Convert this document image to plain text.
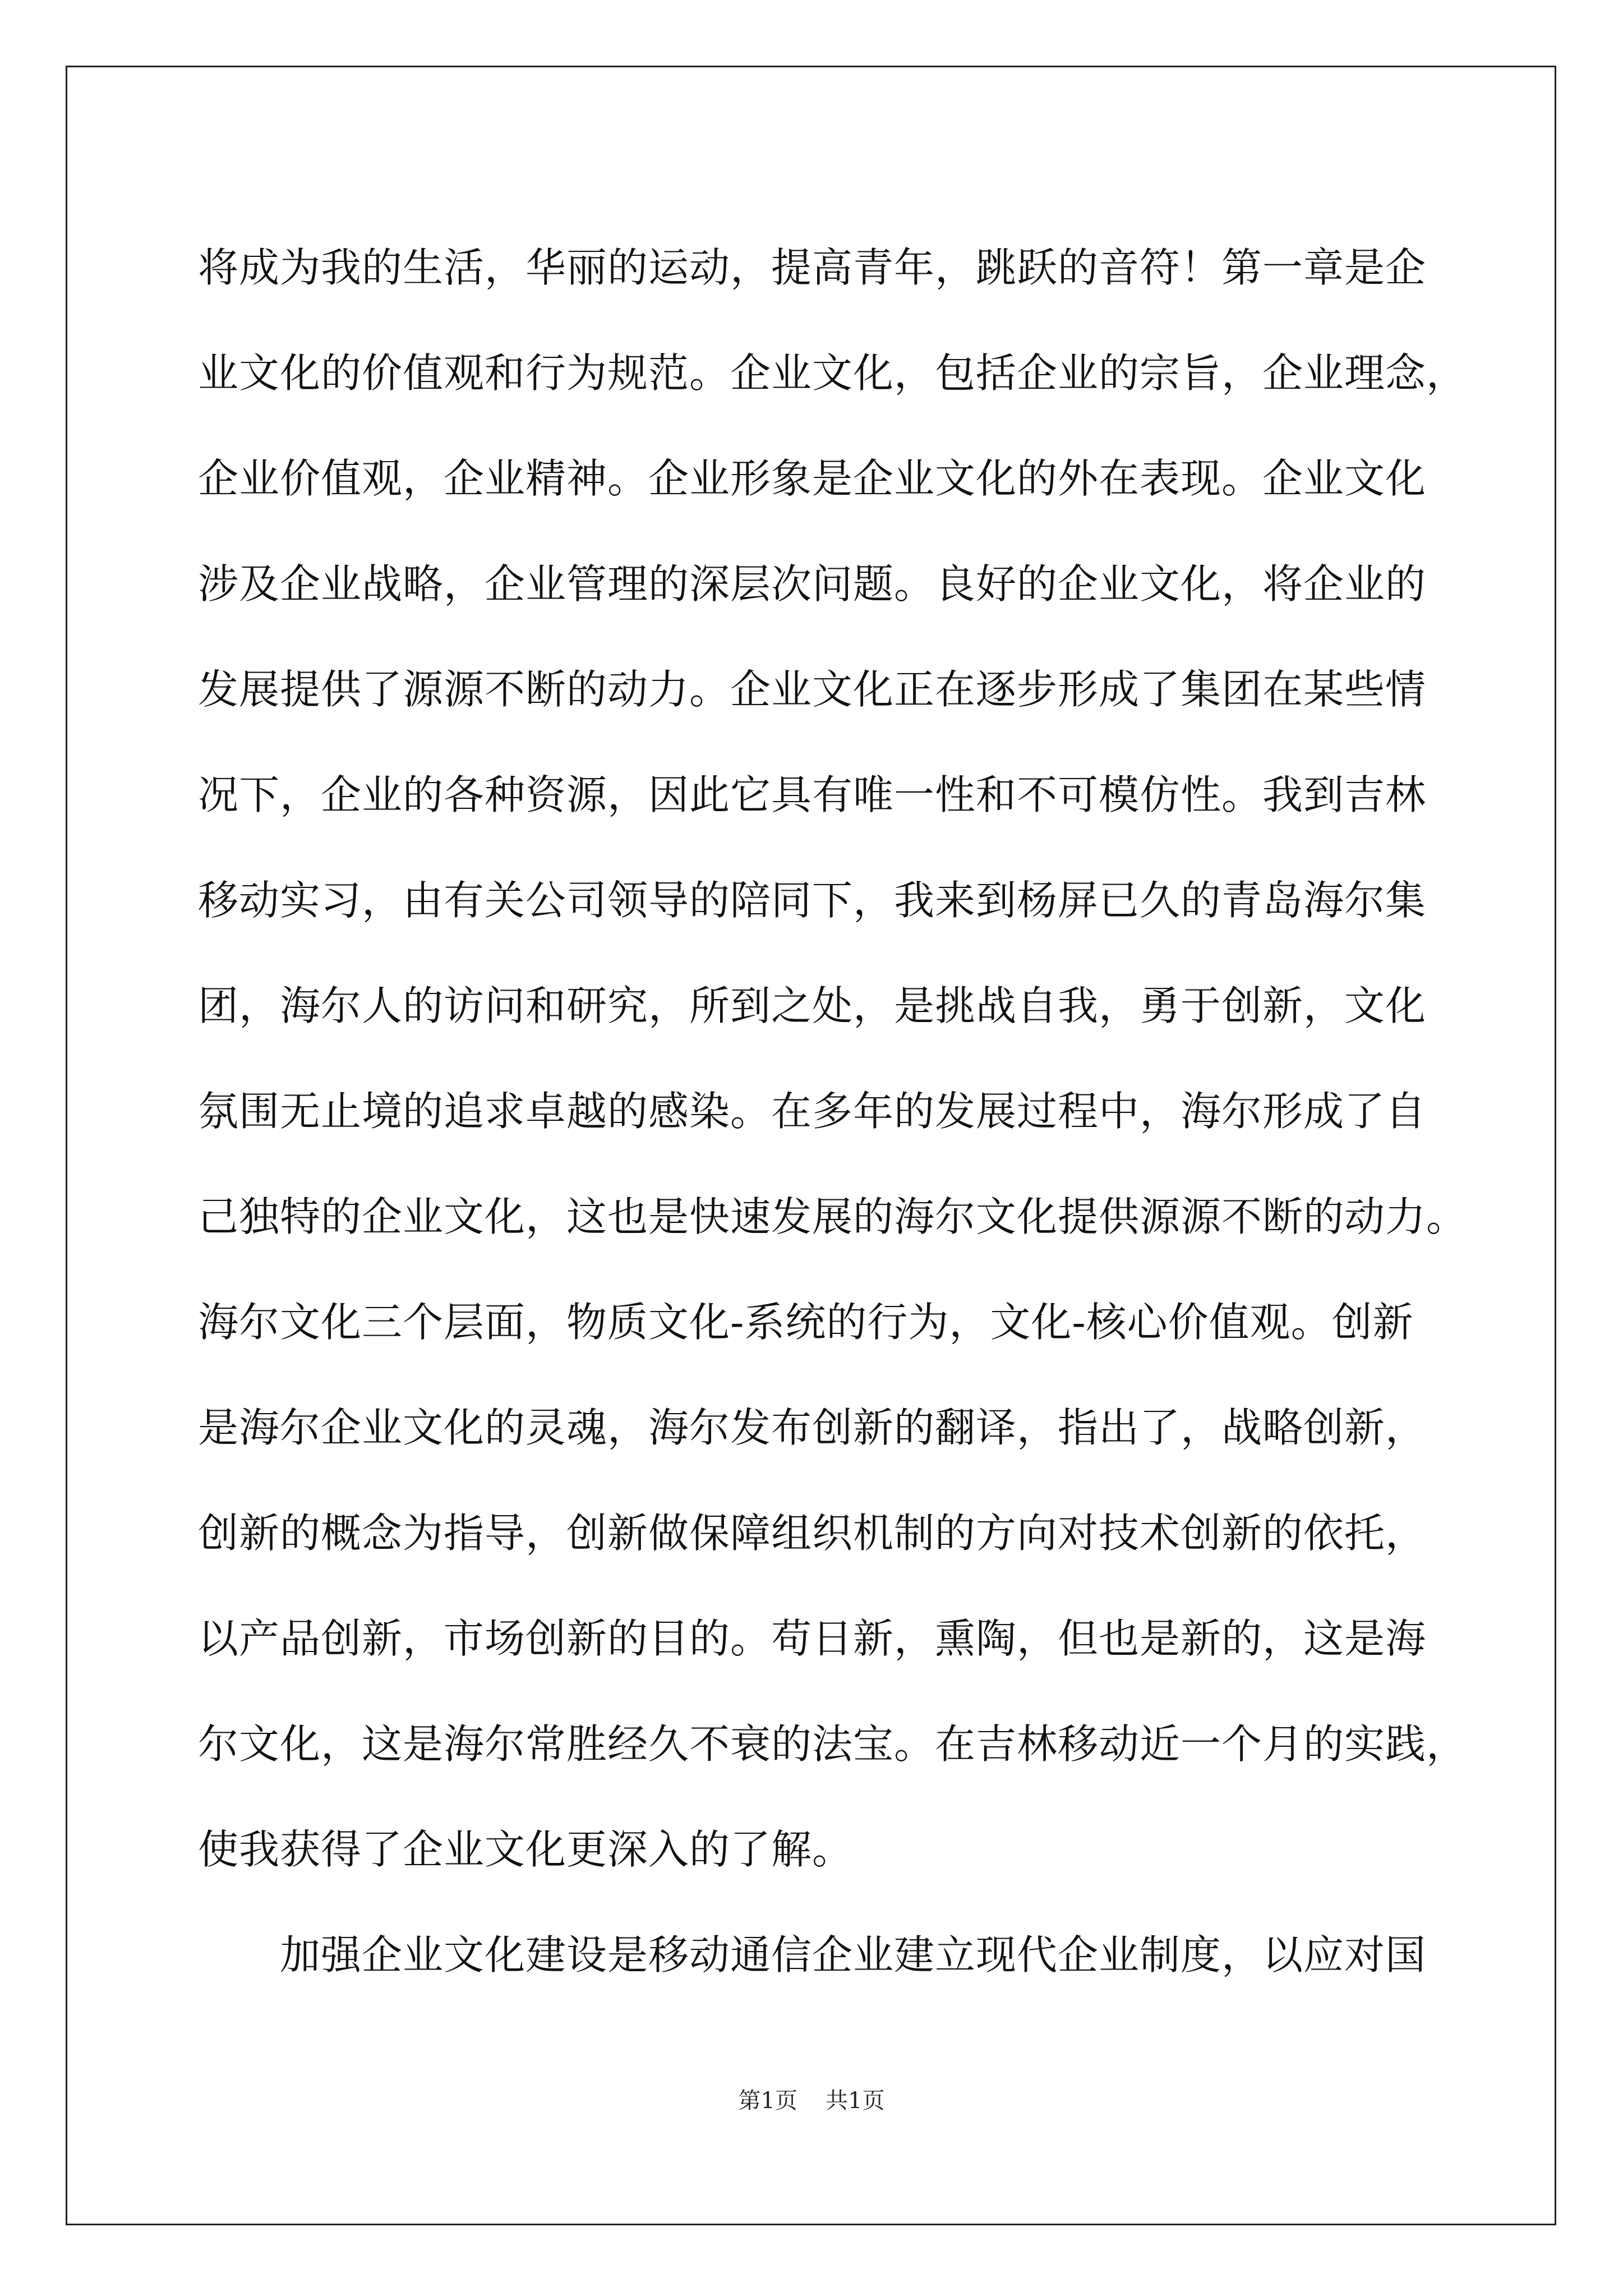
将成为我的生活，华丽的运动，提高青年，跳跃的音符！第一章是企
业文化的价值观和行为规范。企业文化，包括企业的宗旨，企业理念，
企业价值观，企业精神。企业形象是企业文化的外在表现。企业文化
涉及企业战略，企业管理的深层次问题。良好的企业文化，将企业的
发展提供了源源不断的动力。企业文化正在逐步形成了集团在某些情
况下，企业的各种资源，因此它具有唯一性和不可模仿性。我到吉林
移动实习，由有关公司领导的陪同下，我来到杨屏已久的青岛海尔集
团，海尔人的访问和研究，所到之处，是挑战自我，勇于创新，文化
氛围无止境的追求卓越的感染。在多年的发展过程中，海尔形成了自
己独特的企业文化，这也是快速发展的海尔文化提供源源不断的动力。
海尔文化三个层面，物质文化-系统的行为，文化-核心价值观。创新
是海尔企业文化的灵魂，海尔发布创新的翻译，指出了，战略创新，
创新的概念为指导，创新做保障组织机制的方向对技术创新的依托，
以产品创新，市场创新的目的。苟日新，熏陶，但也是新的，这是海
尔文化，这是海尔常胜经久不衰的法宝。在吉林移动近一个月的实践，
使我获得了企业文化更深入的了解。
加强企业文化建设是移动通信企业建立现代企业制度，以应对国
第1页 共1页
